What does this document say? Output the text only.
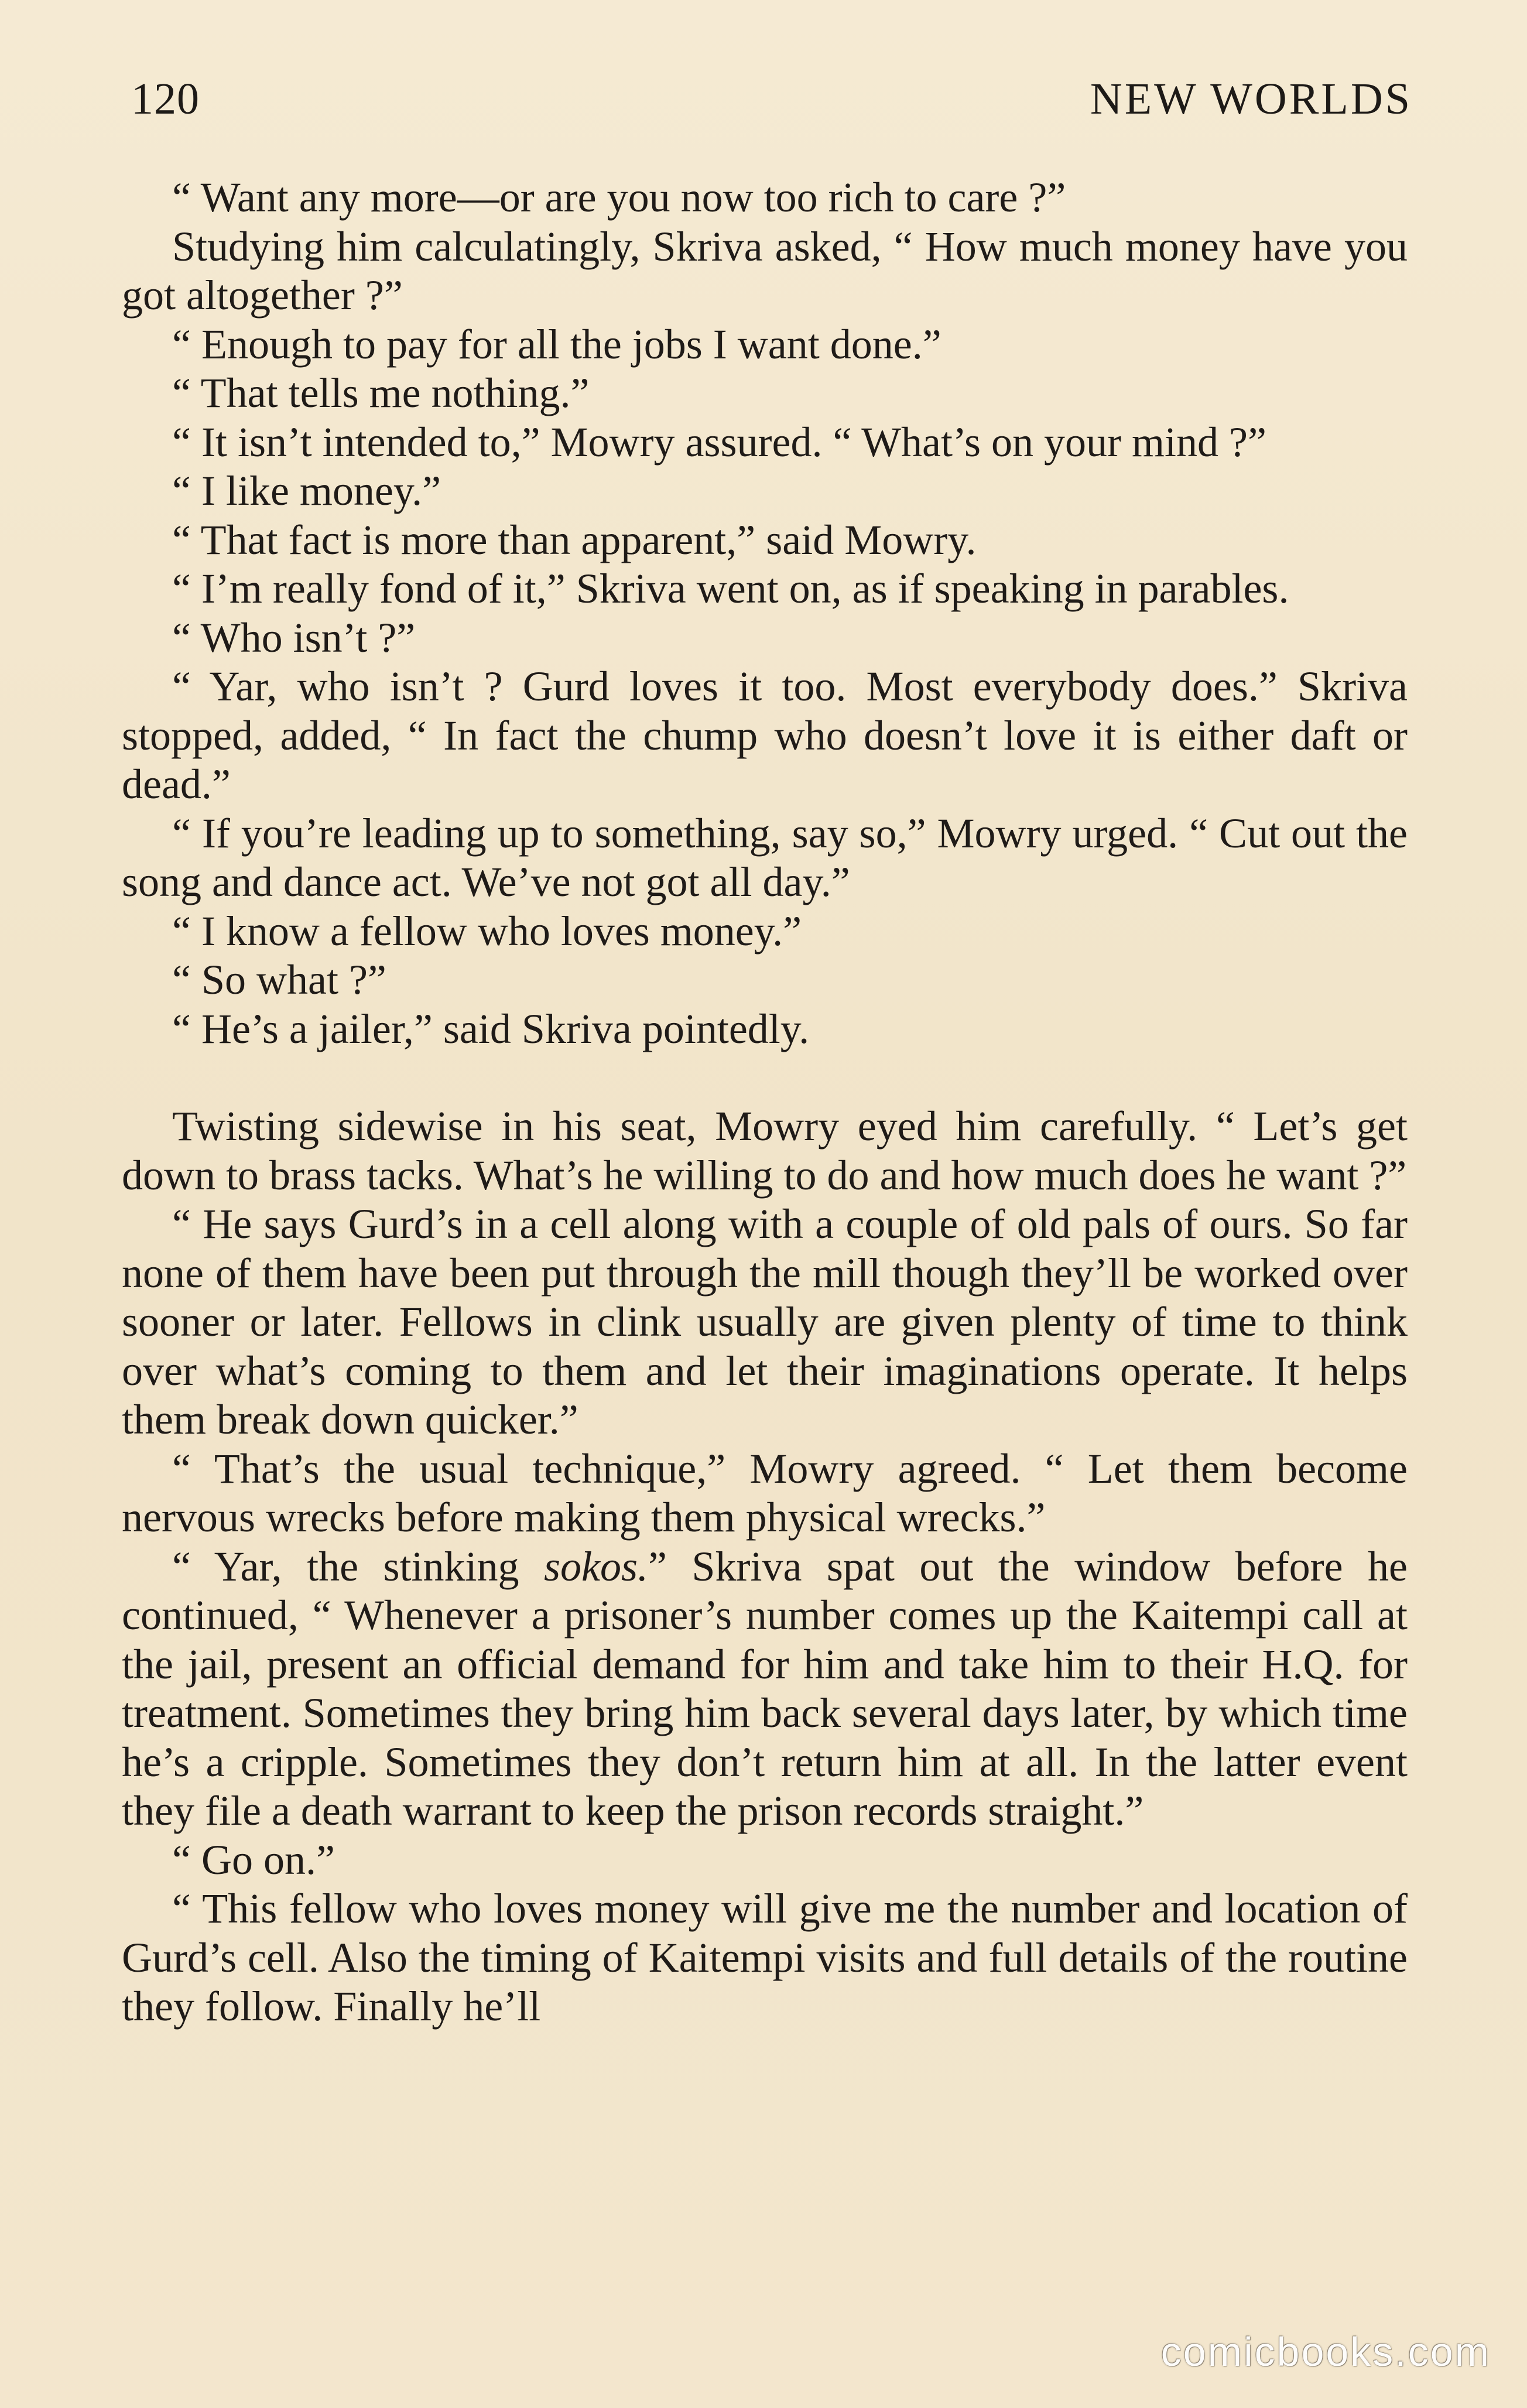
120	NEW WORLDS

“ Want any more—or are you now too rich to care ?”

Studying him calculatingly, Skriva asked, “ How much money have you got altogether ?”

“ Enough to pay for all the jobs I want done.”

“ That tells me nothing.”

“ It isn’t intended to,” Mowry assured. “ What’s on your mind ?”

“ I like money.”

“ That fact is more than apparent,” said Mowry.

“ I’m really fond of it,” Skriva went on, as if speaking in parables.

“ Who isn’t ?”

“ Yar, who isn’t ? Gurd loves it too. Most everybody does.” Skriva stopped, added, “ In fact the chump who doesn’t love it is either daft or dead.”

“ If you’re leading up to something, say so,” Mowry urged. “ Cut out the song and dance act. We’ve not got all day.”

“ I know a fellow who loves money.”

“ So what ?”

“ He’s a jailer,” said Skriva pointedly.

Twisting sidewise in his seat, Mowry eyed him carefully. “ Let’s get down to brass tacks. What’s he willing to do and how much does he want ?”

“ He says Gurd’s in a cell along with a couple of old pals of ours. So far none of them have been put through the mill though they’ll be worked over sooner or later. Fellows in clink usually are given plenty of time to think over what’s coming to them and let their imaginations operate. It helps them break down quicker.”

“ That’s the usual technique,” Mowry agreed. “ Let them become nervous wrecks before making them physical wrecks.”

“ Yar, the stinking sokos.” Skriva spat out the window before he continued, “ Whenever a prisoner’s number comes up the Kaitempi call at the jail, present an official demand for him and take him to their H.Q. for treatment. Sometimes they bring him back several days later, by which time he’s a cripple. Sometimes they don’t return him at all. In the latter event they file a death warrant to keep the prison records straight.”

“ Go on.”

“ This fellow who loves money will give me the number and location of Gurd’s cell. Also the timing of Kaitempi visits and full details of the routine they follow. Finally he’ll

comicbooks.com
